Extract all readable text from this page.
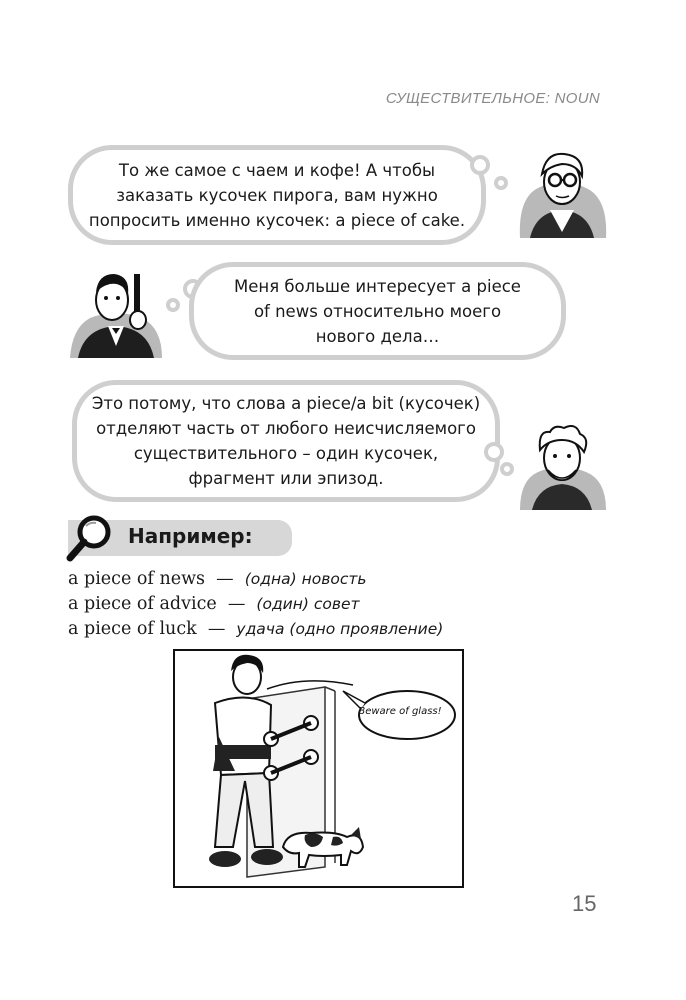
СУЩЕСТВИТЕЛЬНОЕ: NOUN
То же самое с чаем и кофе! А чтобы
заказать кусочек пирога, вам нужно
попросить именно кусочек: a piece of cake.
Меня больше интересует a piece
of news относительно моего
нового дела…
Это потому, что слова a piece/a bit (кусочек)
отделяют часть от любого неисчисляемого
существительного – один кусочек,
фрагмент или эпизод.
Например:
a piece of news — (одна) новость
a piece of advice — (один) совет
a piece of luck — удача (одно проявление)
Beware of glass!
15
